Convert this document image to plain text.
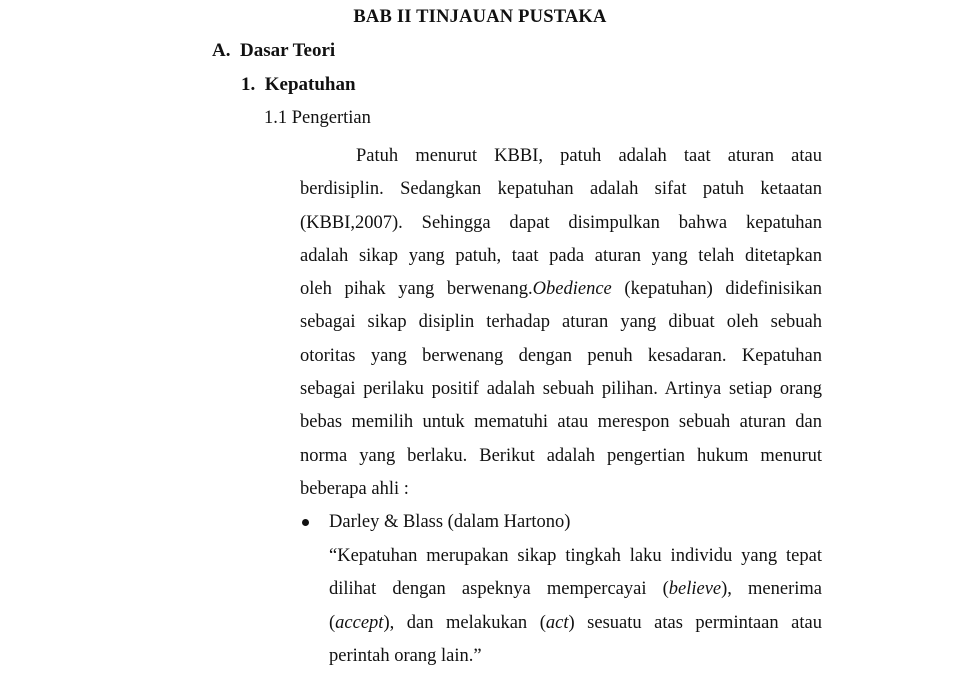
BAB II TINJAUAN PUSTAKA
A.  Dasar Teori
1.  Kepatuhan
1.1 Pengertian
Patuh menurut KBBI, patuh adalah taat aturan atau
berdisiplin. Sedangkan kepatuhan adalah sifat patuh ketaatan
(KBBI,2007). Sehingga dapat disimpulkan bahwa kepatuhan
adalah sikap yang patuh, taat pada aturan yang telah ditetapkan
oleh pihak yang berwenang.Obedience (kepatuhan) didefinisikan
sebagai sikap disiplin terhadap aturan yang dibuat oleh sebuah
otoritas yang berwenang dengan penuh kesadaran. Kepatuhan
sebagai perilaku positif adalah sebuah pilihan. Artinya setiap orang
bebas memilih untuk mematuhi atau merespon sebuah aturan dan
norma yang berlaku. Berikut adalah pengertian hukum menurut
beberapa ahli :
Darley & Blass (dalam Hartono)
“Kepatuhan merupakan sikap tingkah laku individu yang tepat
dilihat dengan aspeknya mempercayai (believe), menerima
(accept), dan melakukan (act) sesuatu atas permintaan atau
perintah orang lain.”
